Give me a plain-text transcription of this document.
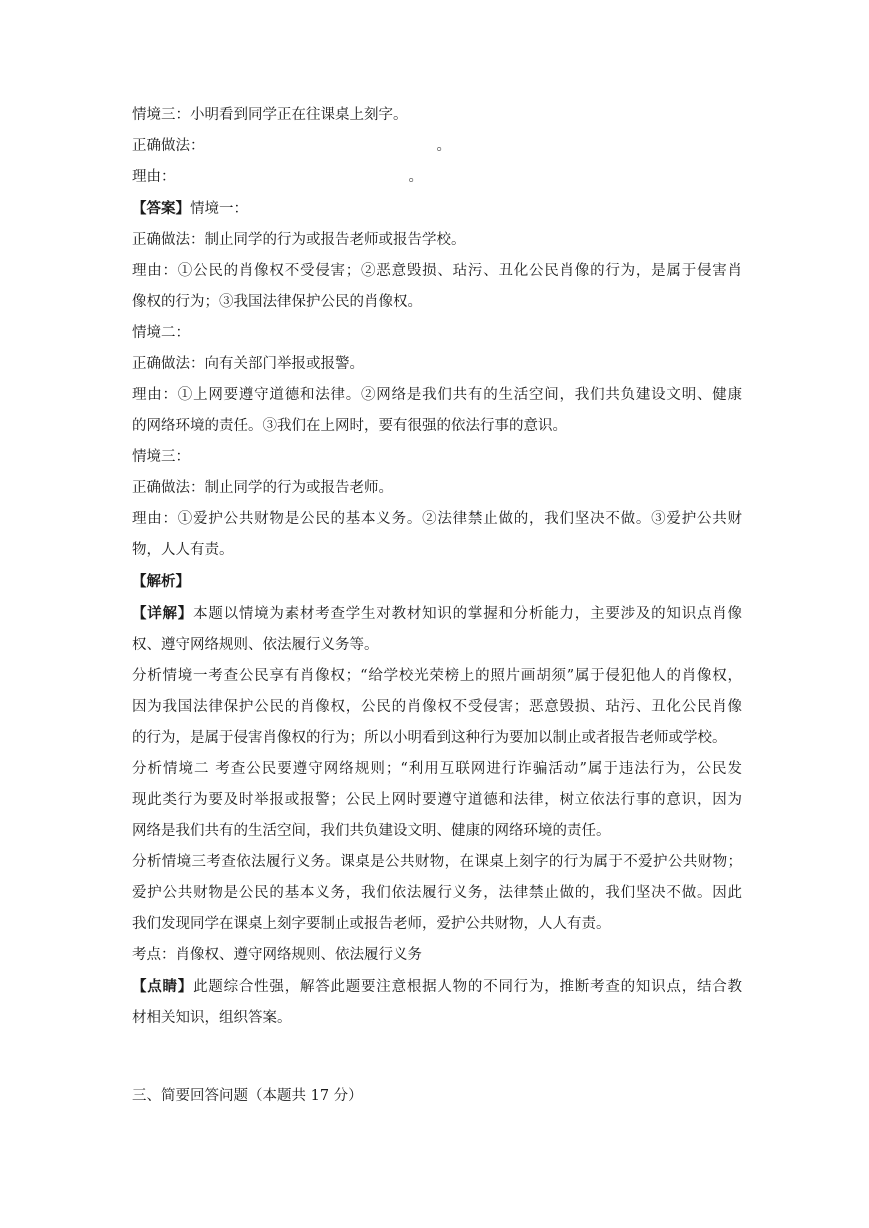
情境三：小明看到同学正在往课桌上刻字。
正确做法：	。
理由：	。
【答案】情境一：
正确做法：制止同学的行为或报告老师或报告学校。
理由：①公民的肖像权不受侵害；②恶意毁损、玷污、丑化公民肖像的行为，是属于侵害肖
像权的行为；③我国法律保护公民的肖像权。
情境二：
正确做法：向有关部门举报或报警。
理由：①上网要遵守道德和法律。②网络是我们共有的生活空间，我们共负建设文明、健康
的网络环境的责任。③我们在上网时，要有很强的依法行事的意识。
情境三：
正确做法：制止同学的行为或报告老师。
理由：①爱护公共财物是公民的基本义务。②法律禁止做的，我们坚决不做。③爱护公共财
物，人人有责。
【解析】
【详解】本题以情境为素材考查学生对教材知识的掌握和分析能力，主要涉及的知识点肖像
权、遵守网络规则、依法履行义务等。
分析情境一考查公民享有肖像权；“给学校光荣榜上的照片画胡须”属于侵犯他人的肖像权，
因为我国法律保护公民的肖像权，公民的肖像权不受侵害；恶意毁损、玷污、丑化公民肖像
的行为，是属于侵害肖像权的行为；所以小明看到这种行为要加以制止或者报告老师或学校。
分析情境二 考查公民要遵守网络规则；“利用互联网进行诈骗活动”属于违法行为，公民发
现此类行为要及时举报或报警；公民上网时要遵守道德和法律，树立依法行事的意识，因为
网络是我们共有的生活空间，我们共负建设文明、健康的网络环境的责任。
分析情境三考查依法履行义务。课桌是公共财物，在课桌上刻字的行为属于不爱护公共财物；
爱护公共财物是公民的基本义务，我们依法履行义务，法律禁止做的，我们坚决不做。因此
我们发现同学在课桌上刻字要制止或报告老师，爱护公共财物，人人有责。
考点：肖像权、遵守网络规则、依法履行义务
【点睛】此题综合性强，解答此题要注意根据人物的不同行为，推断考查的知识点，结合教
材相关知识，组织答案。
三、简要回答问题（本题共 17 分）
